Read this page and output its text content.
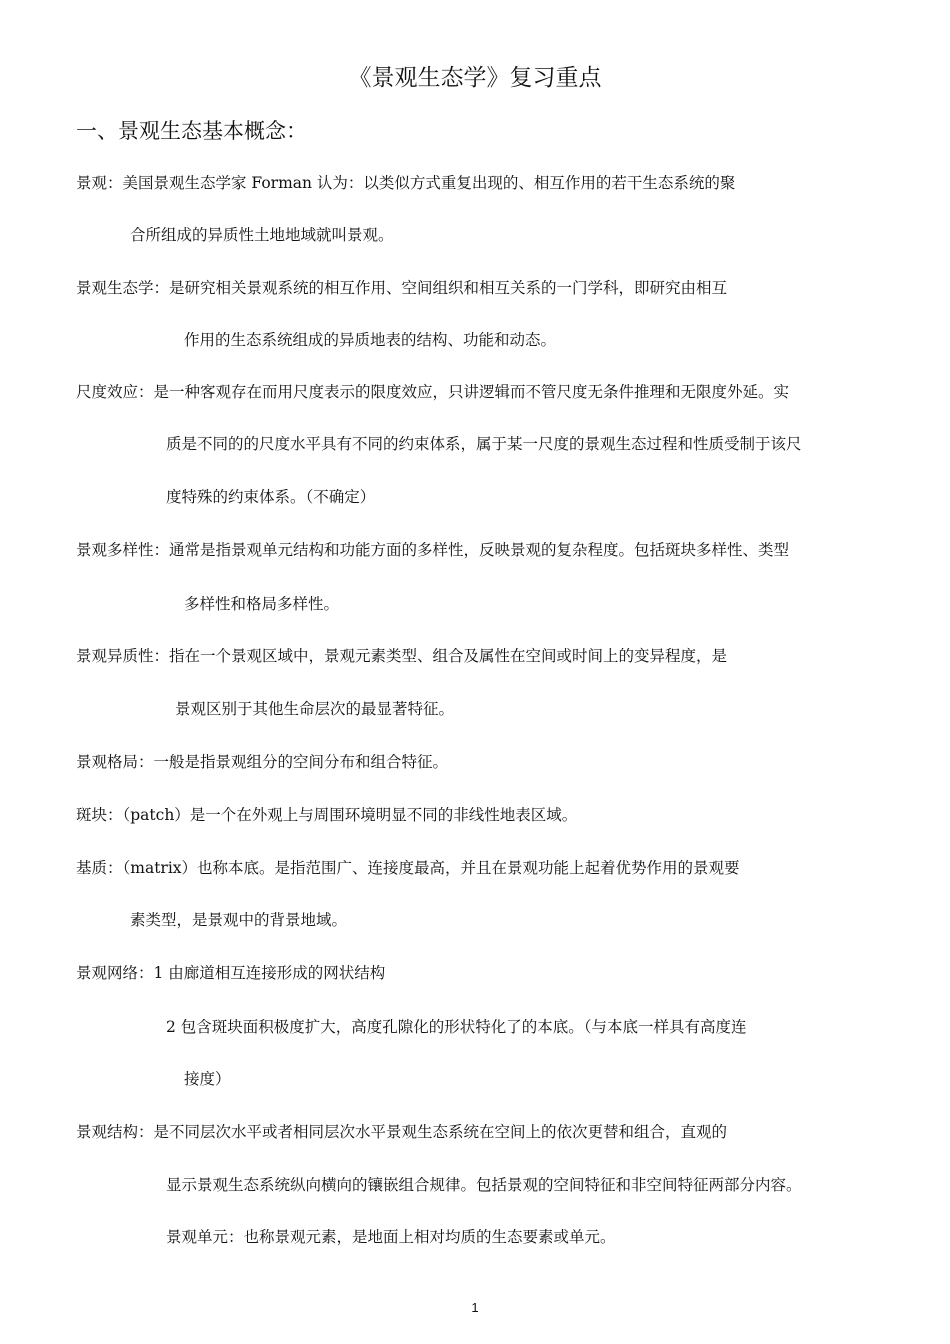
《景观生态学》复习重点
一、景观生态基本概念：
景观：美国景观生态学家 Forman 认为：以类似方式重复出现的、相互作用的若干生态系统的聚
合所组成的异质性土地地域就叫景观。
景观生态学：是研究相关景观系统的相互作用、空间组织和相互关系的一门学科，即研究由相互
作用的生态系统组成的异质地表的结构、功能和动态。
尺度效应：是一种客观存在而用尺度表示的限度效应，只讲逻辑而不管尺度无条件推理和无限度外延。实
质是不同的的尺度水平具有不同的约束体系，属于某一尺度的景观生态过程和性质受制于该尺
度特殊的约束体系。（不确定）
景观多样性：通常是指景观单元结构和功能方面的多样性，反映景观的复杂程度。包括斑块多样性、类型
多样性和格局多样性。
景观异质性：指在一个景观区域中，景观元素类型、组合及属性在空间或时间上的变异程度，是
景观区别于其他生命层次的最显著特征。
景观格局：一般是指景观组分的空间分布和组合特征。
斑块：（patch）是一个在外观上与周围环境明显不同的非线性地表区域。
基质：（matrix）也称本底。是指范围广、连接度最高，并且在景观功能上起着优势作用的景观要
素类型，是景观中的背景地域。
景观网络：1 由廊道相互连接形成的网状结构
2 包含斑块面积极度扩大，高度孔隙化的形状特化了的本底。（与本底一样具有高度连
接度）
景观结构：是不同层次水平或者相同层次水平景观生态系统在空间上的依次更替和组合，直观的
显示景观生态系统纵向横向的镶嵌组合规律。包括景观的空间特征和非空间特征两部分内容。
景观单元：也称景观元素，是地面上相对均质的生态要素或单元。
1
